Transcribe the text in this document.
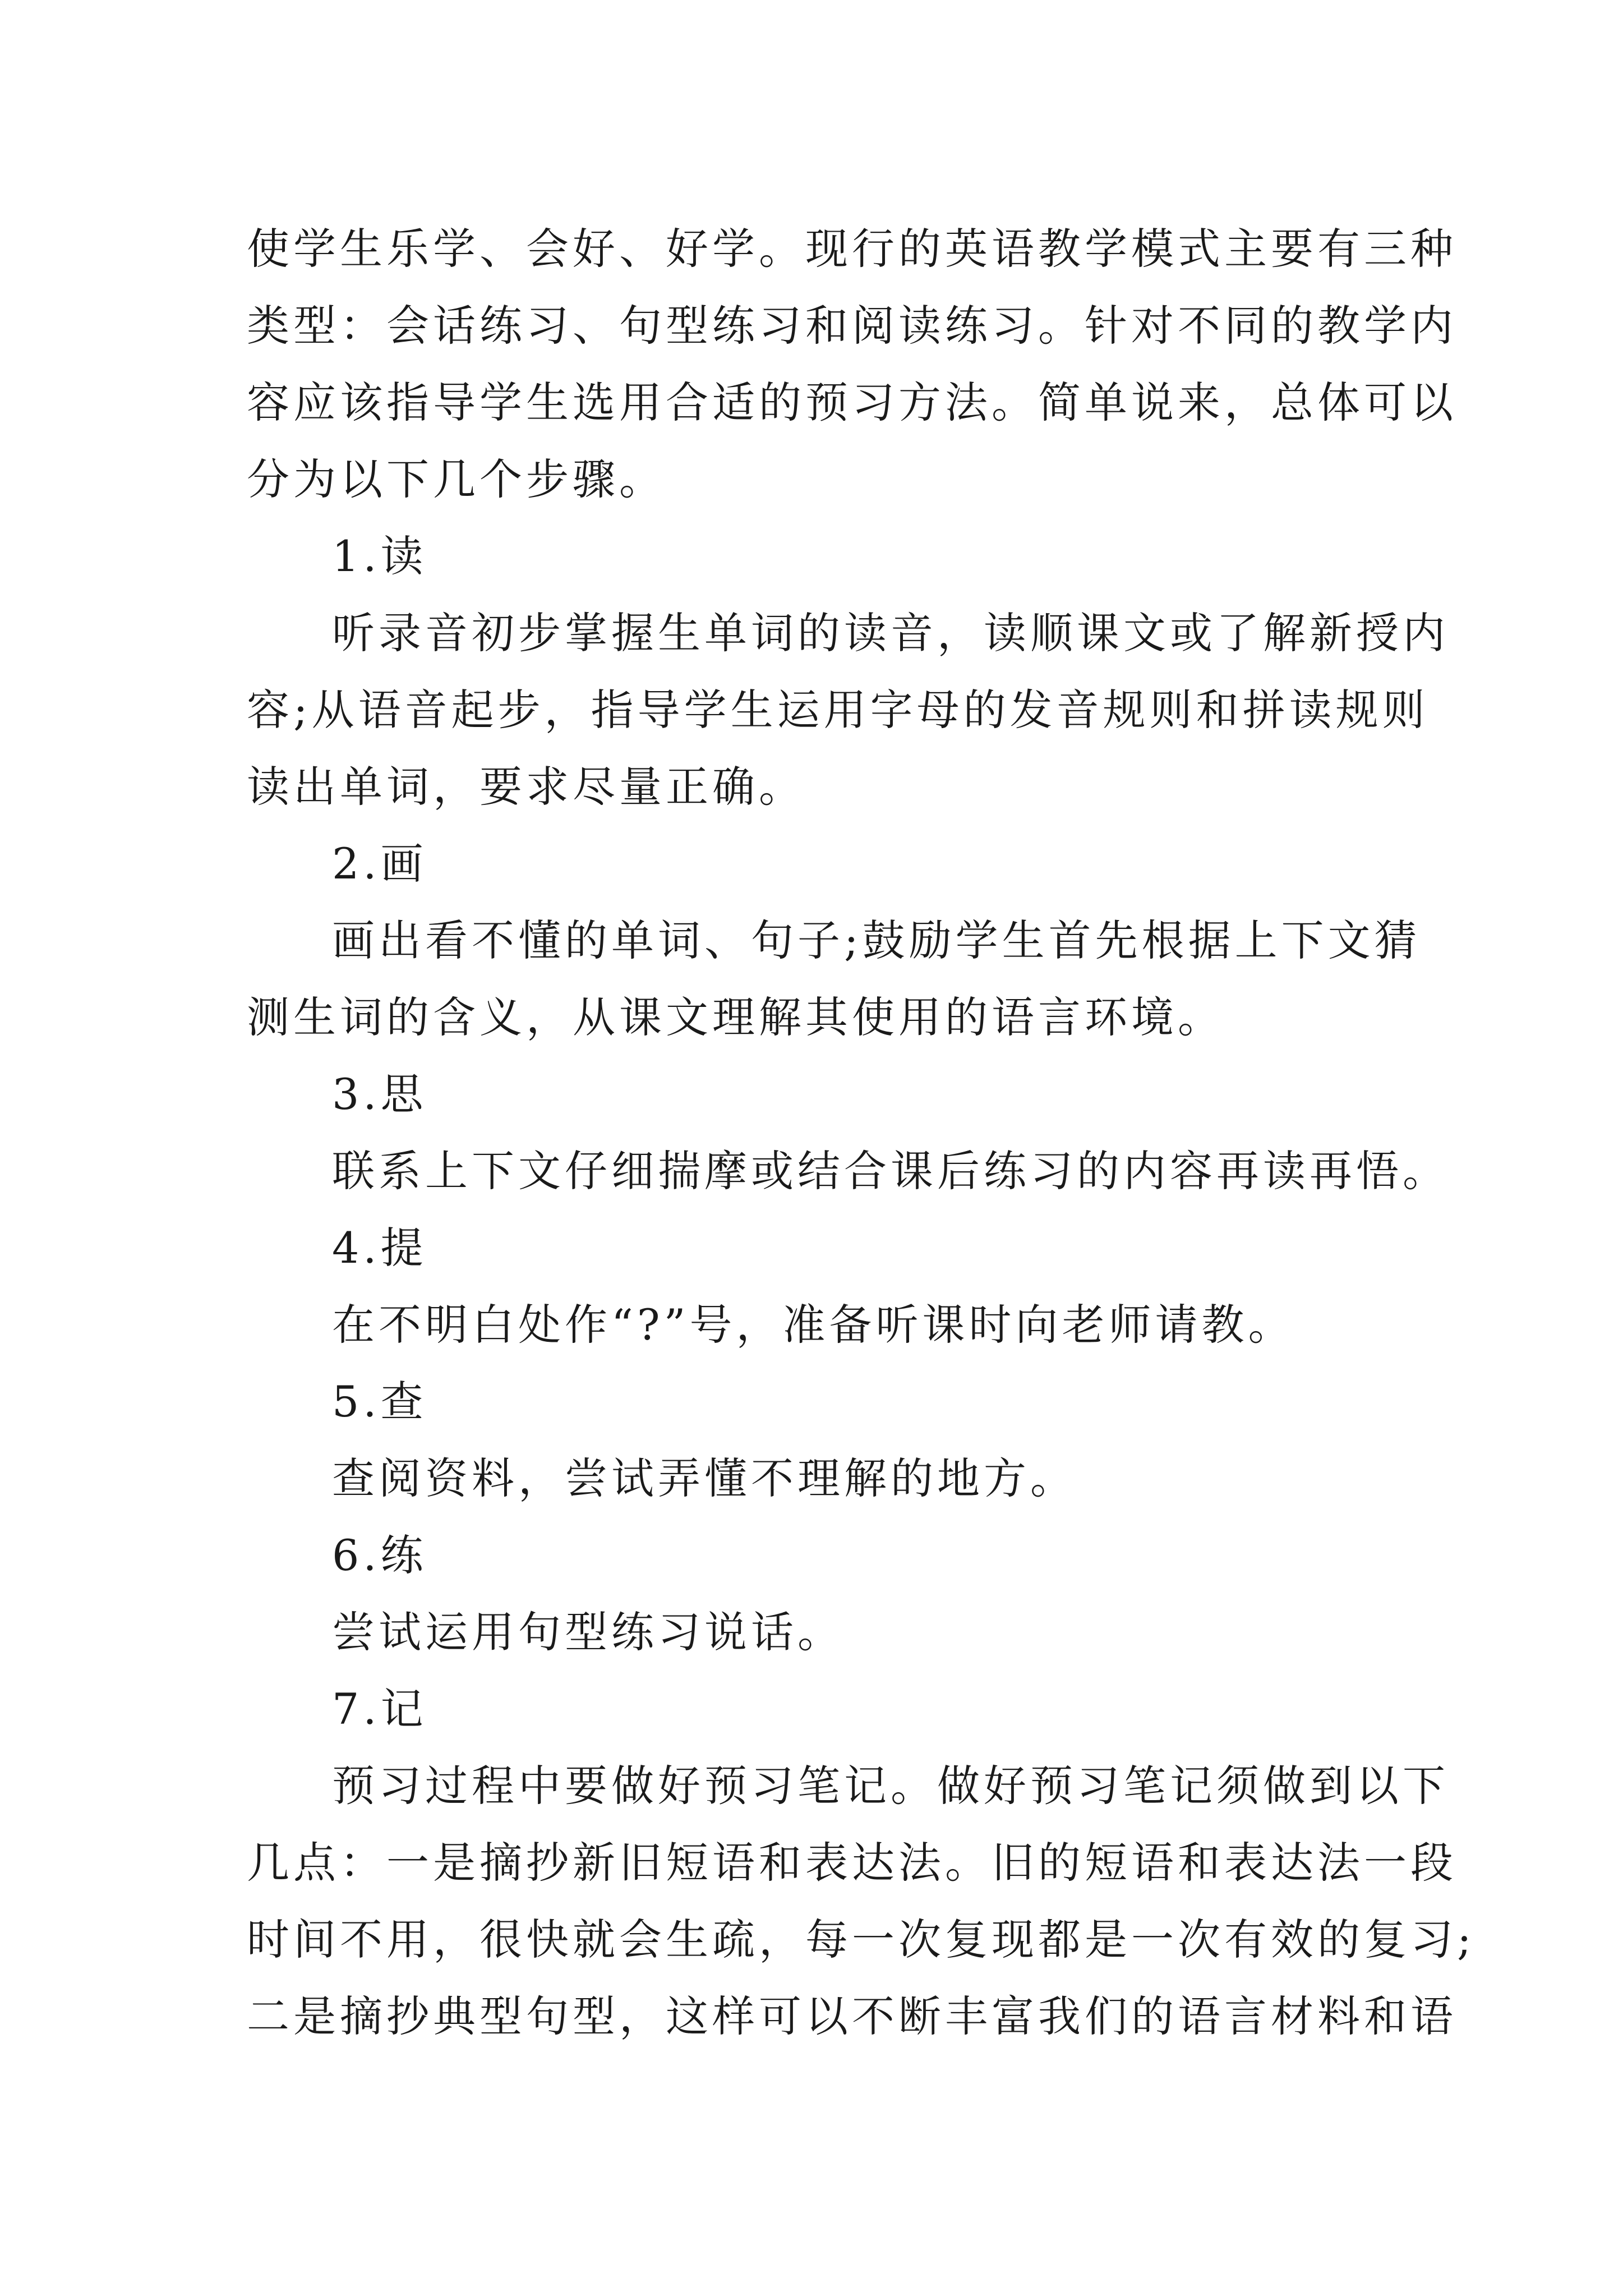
使学生乐学、会好、好学。现行的英语教学模式主要有三种
类型：会话练习、句型练习和阅读练习。针对不同的教学内
容应该指导学生选用合适的预习方法。简单说来，总体可以
分为以下几个步骤。
1.读
听录音初步掌握生单词的读音，读顺课文或了解新授内
容;从语音起步，指导学生运用字母的发音规则和拼读规则
读出单词，要求尽量正确。
2.画
画出看不懂的单词、句子;鼓励学生首先根据上下文猜
测生词的含义，从课文理解其使用的语言环境。
3.思
联系上下文仔细揣摩或结合课后练习的内容再读再悟。
4.提
在不明白处作“?”号，准备听课时向老师请教。
5.查
查阅资料，尝试弄懂不理解的地方。
6.练
尝试运用句型练习说话。
7.记
预习过程中要做好预习笔记。做好预习笔记须做到以下
几点：一是摘抄新旧短语和表达法。旧的短语和表达法一段
时间不用，很快就会生疏，每一次复现都是一次有效的复习;
二是摘抄典型句型，这样可以不断丰富我们的语言材料和语
